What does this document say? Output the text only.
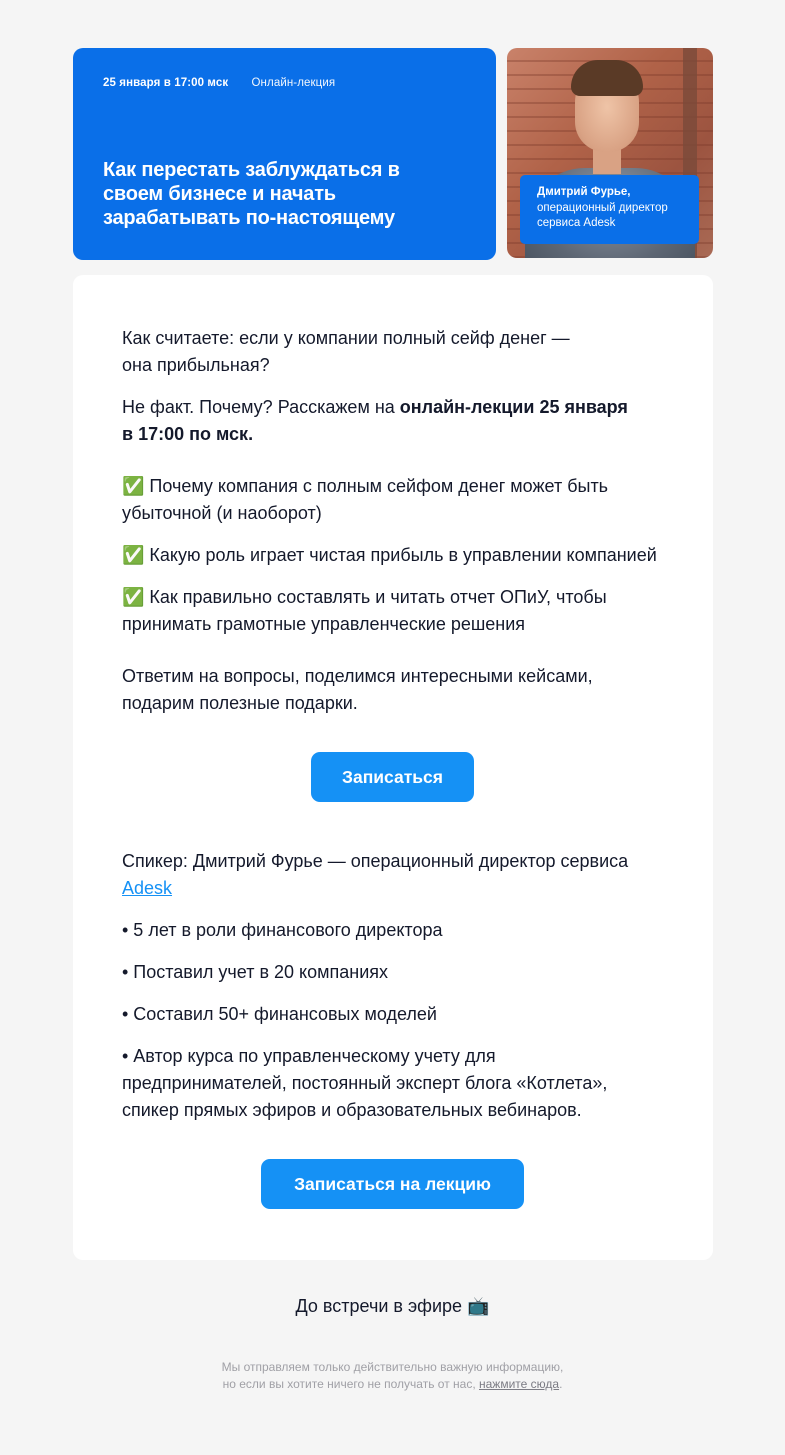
25 января в 17:00 мск Онлайн-лекция
Как перестать заблуждаться в своем бизнесе и начать зарабатывать по-настоящему
Дмитрий Фурье,
операционный директор
сервиса Adesk
Как считаете: если у компании полный сейф денег — она прибыльная?
Не факт. Почему? Расскажем на онлайн-лекции 25 января в 17:00 по мск.
✅ Почему компания с полным сейфом денег может быть убыточной (и наоборот)
✅ Какую роль играет чистая прибыль в управлении компанией
✅ Как правильно составлять и читать отчет ОПиУ, чтобы принимать грамотные управленческие решения
Ответим на вопросы, поделимся интересными кейсами, подарим полезные подарки.
Записаться
Спикер: Дмитрий Фурье — операционный директор сервиса Adesk
• 5 лет в роли финансового директора
• Поставил учет в 20 компаниях
• Составил 50+ финансовых моделей
• Автор курса по управленческому учету для предпринимателей, постоянный эксперт блога «Котлета», спикер прямых эфиров и образовательных вебинаров.
Записаться на лекцию
До встречи в эфире 📺
Мы отправляем только действительно важную информацию,
но если вы хотите ничего не получать от нас, нажмите сюда.
